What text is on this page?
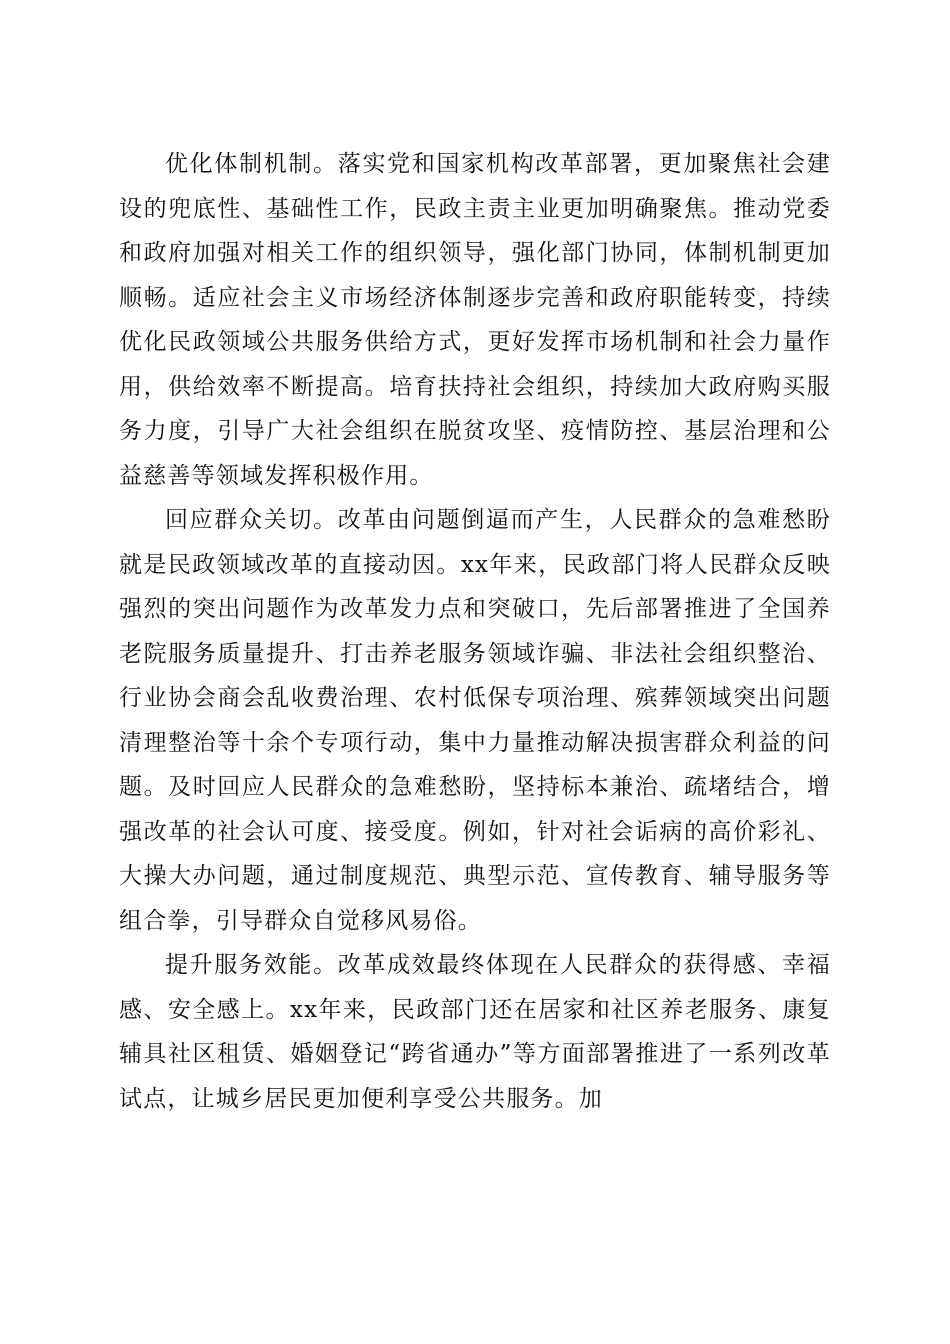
优化体制机制。落实党和国家机构改革部署，更加聚焦社会建设的兜底性、基础性工作，民政主责主业更加明确聚焦。推动党委和政府加强对相关工作的组织领导，强化部门协同，体制机制更加顺畅。适应社会主义市场经济体制逐步完善和政府职能转变，持续优化民政领域公共服务供给方式，更好发挥市场机制和社会力量作用，供给效率不断提高。培育扶持社会组织，持续加大政府购买服务力度，引导广大社会组织在脱贫攻坚、疫情防控、基层治理和公益慈善等领域发挥积极作用。

回应群众关切。改革由问题倒逼而产生，人民群众的急难愁盼就是民政领域改革的直接动因。xx年来，民政部门将人民群众反映强烈的突出问题作为改革发力点和突破口，先后部署推进了全国养老院服务质量提升、打击养老服务领域诈骗、非法社会组织整治、行业协会商会乱收费治理、农村低保专项治理、殡葬领域突出问题清理整治等十余个专项行动，集中力量推动解决损害群众利益的问题。及时回应人民群众的急难愁盼，坚持标本兼治、疏堵结合，增强改革的社会认可度、接受度。例如，针对社会诟病的高价彩礼、大操大办问题，通过制度规范、典型示范、宣传教育、辅导服务等组合拳，引导群众自觉移风易俗。

提升服务效能。改革成效最终体现在人民群众的获得感、幸福感、安全感上。xx年来，民政部门还在居家和社区养老服务、康复辅具社区租赁、婚姻登记“跨省通办”等方面部署推进了一系列改革试点，让城乡居民更加便利享受公共服务。加
